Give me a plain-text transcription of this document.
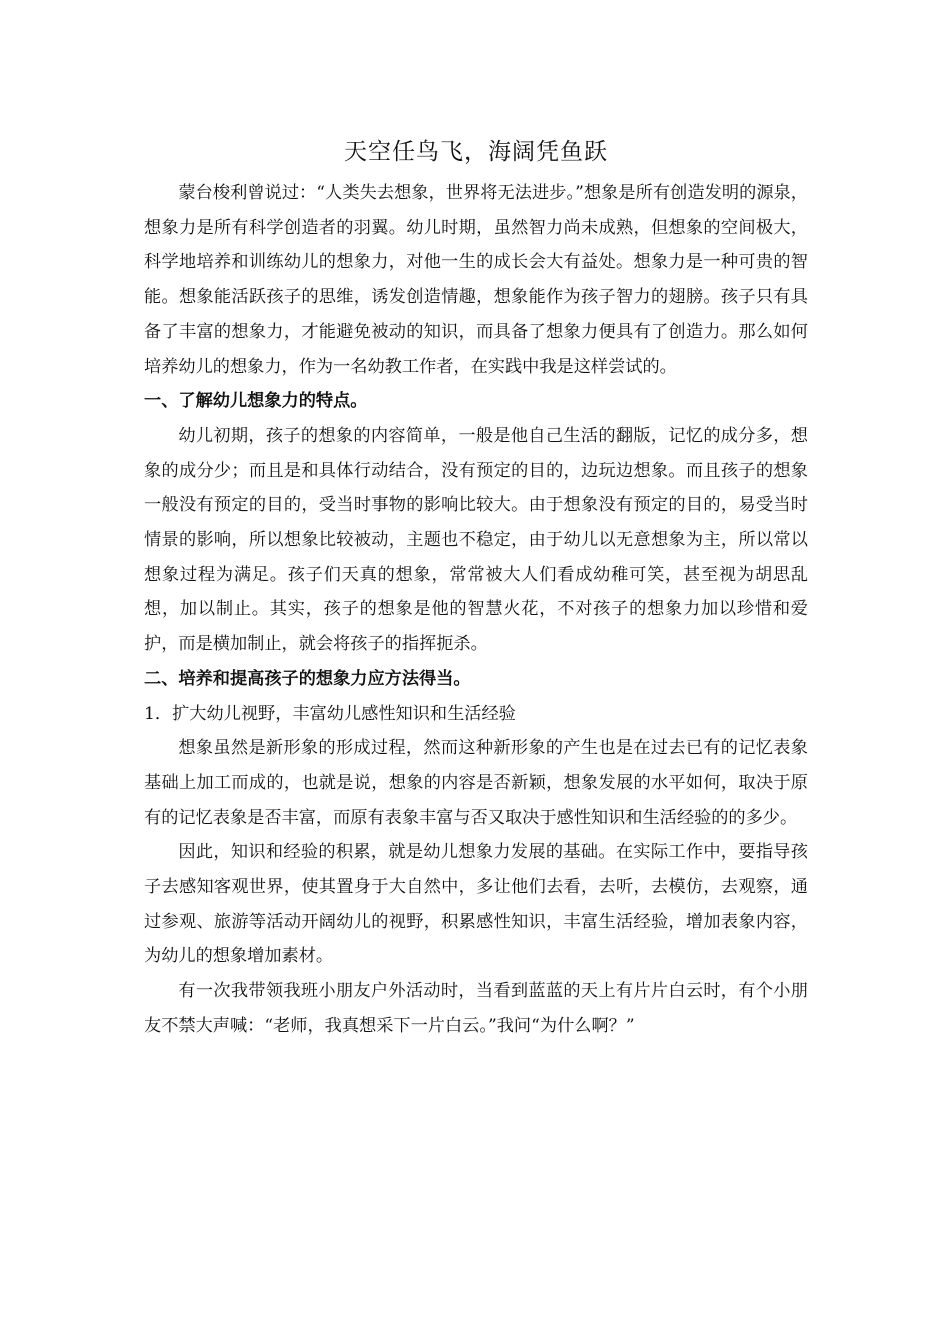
天空任鸟飞，海阔凭鱼跃

蒙台梭利曾说过：“人类失去想象，世界将无法进步。”想象是所有创造发明的源泉，想象力是所有科学创造者的羽翼。幼儿时期，虽然智力尚未成熟，但想象的空间极大，科学地培养和训练幼儿的想象力，对他一生的成长会大有益处。想象力是一种可贵的智能。想象能活跃孩子的思维，诱发创造情趣，想象能作为孩子智力的翅膀。孩子只有具备了丰富的想象力，才能避免被动的知识，而具备了想象力便具有了创造力。那么如何培养幼儿的想象力，作为一名幼教工作者，在实践中我是这样尝试的。

一、了解幼儿想象力的特点。

幼儿初期，孩子的想象的内容简单，一般是他自己生活的翻版，记忆的成分多，想象的成分少；而且是和具体行动结合，没有预定的目的，边玩边想象。而且孩子的想象一般没有预定的目的，受当时事物的影响比较大。由于想象没有预定的目的，易受当时情景的影响，所以想象比较被动，主题也不稳定，由于幼儿以无意想象为主，所以常以想象过程为满足。孩子们天真的想象，常常被大人们看成幼稚可笑，甚至视为胡思乱想，加以制止。其实，孩子的想象是他的智慧火花，不对孩子的想象力加以珍惜和爱护，而是横加制止，就会将孩子的指挥扼杀。

二、培养和提高孩子的想象力应方法得当。

1．扩大幼儿视野，丰富幼儿感性知识和生活经验

想象虽然是新形象的形成过程，然而这种新形象的产生也是在过去已有的记忆表象基础上加工而成的，也就是说，想象的内容是否新颖，想象发展的水平如何，取决于原有的记忆表象是否丰富，而原有表象丰富与否又取决于感性知识和生活经验的的多少。

因此，知识和经验的积累，就是幼儿想象力发展的基础。在实际工作中，要指导孩子去感知客观世界，使其置身于大自然中，多让他们去看，去听，去模仿，去观察，通过参观、旅游等活动开阔幼儿的视野，积累感性知识，丰富生活经验，增加表象内容，为幼儿的想象增加素材。

有一次我带领我班小朋友户外活动时，当看到蓝蓝的天上有片片白云时，有个小朋友不禁大声喊：“老师，我真想采下一片白云。”我问“为什么啊？”
